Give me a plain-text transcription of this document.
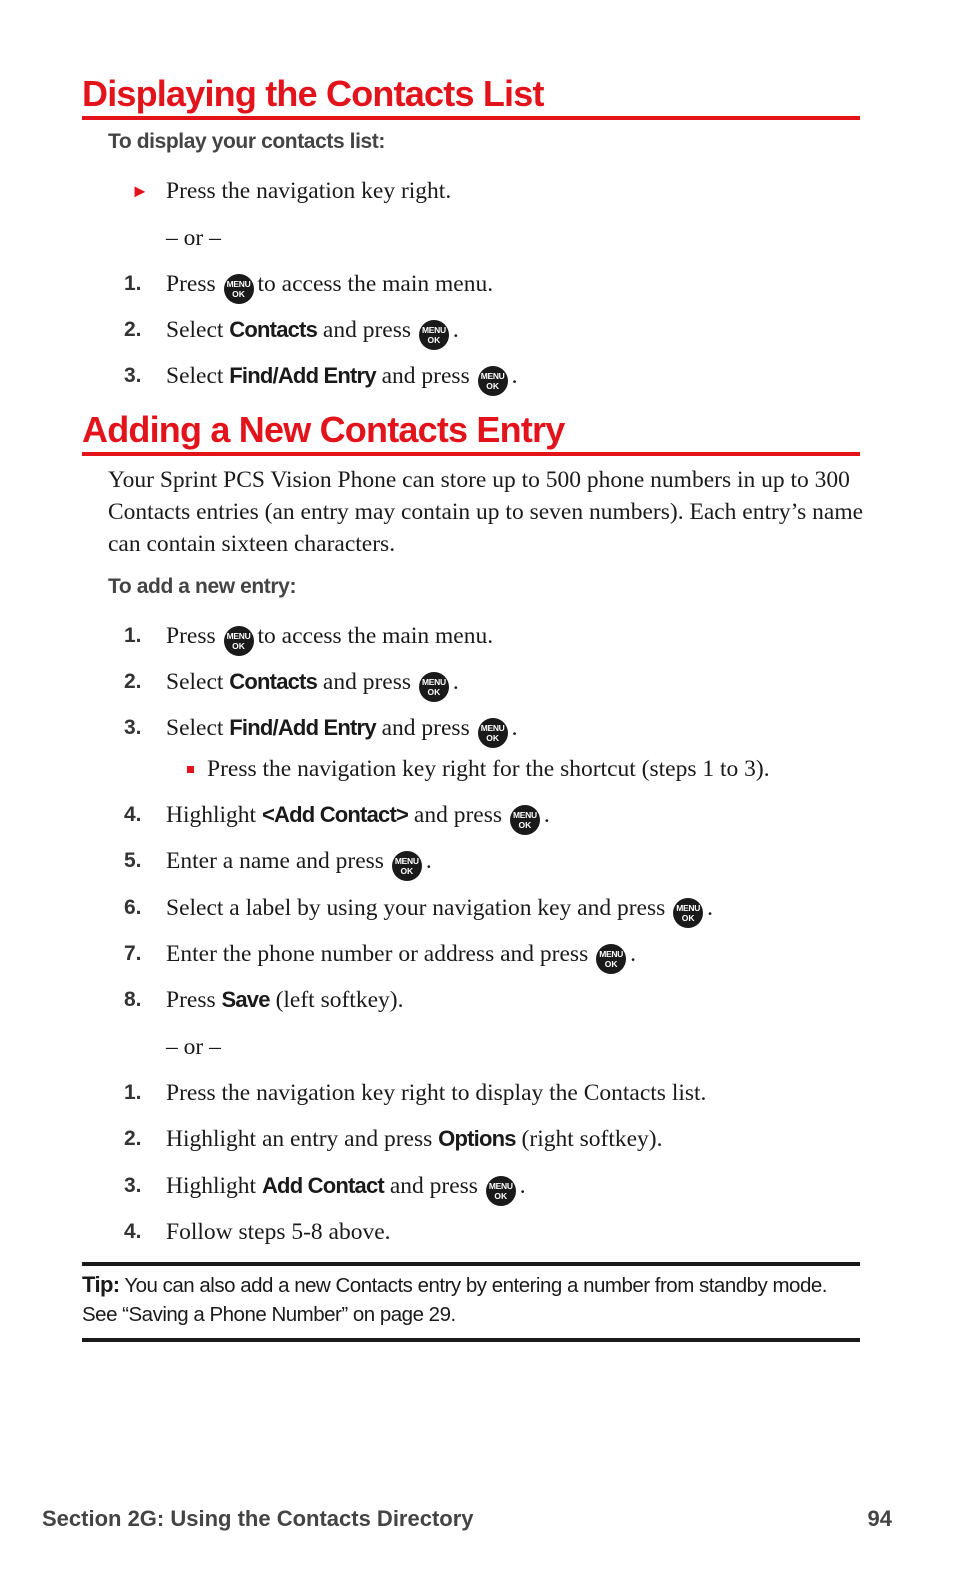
Displaying the Contacts List
To display your contacts list:
► Press the navigation key right.
– or –
1.	Press	MENU
OK to access the main menu.
2.	Select Contacts and press	MENU
OK .
3.	Select Find/Add Entry and press	MENU
OK .
Adding a New Contacts Entry
Your Sprint PCS Vision Phone can store up to 500 phone numbers in up to 300 Contacts entries (an entry may contain up to seven numbers). Each entry’s name can contain sixteen characters.
To add a new entry:
1.	Press	MENU
OK to access the main menu.
2.	Select Contacts and press	MENU
OK .
3.	Select Find/Add Entry and press	MENU
OK .
Press the navigation key right for the shortcut (steps 1 to 3).
4.	Highlight <Add Contact> and press	MENU
OK .
5.	Enter a name and press	MENU
OK .
6.	Select a label by using your navigation key and press	MENU
OK .
7.	Enter the phone number or address and press	MENU
OK .
8.	Press Save (left softkey).
– or –
1.	Press the navigation key right to display the Contacts list.
2.	Highlight an entry and press Options (right softkey).
3.	Highlight Add Contact and press	MENU
OK .
4.	Follow steps 5-8 above.
Tip: You can also add a new Contacts entry by entering a number from standby mode. See “Saving a Phone Number” on page 29.
Section 2G: Using the Contacts Directory	94
